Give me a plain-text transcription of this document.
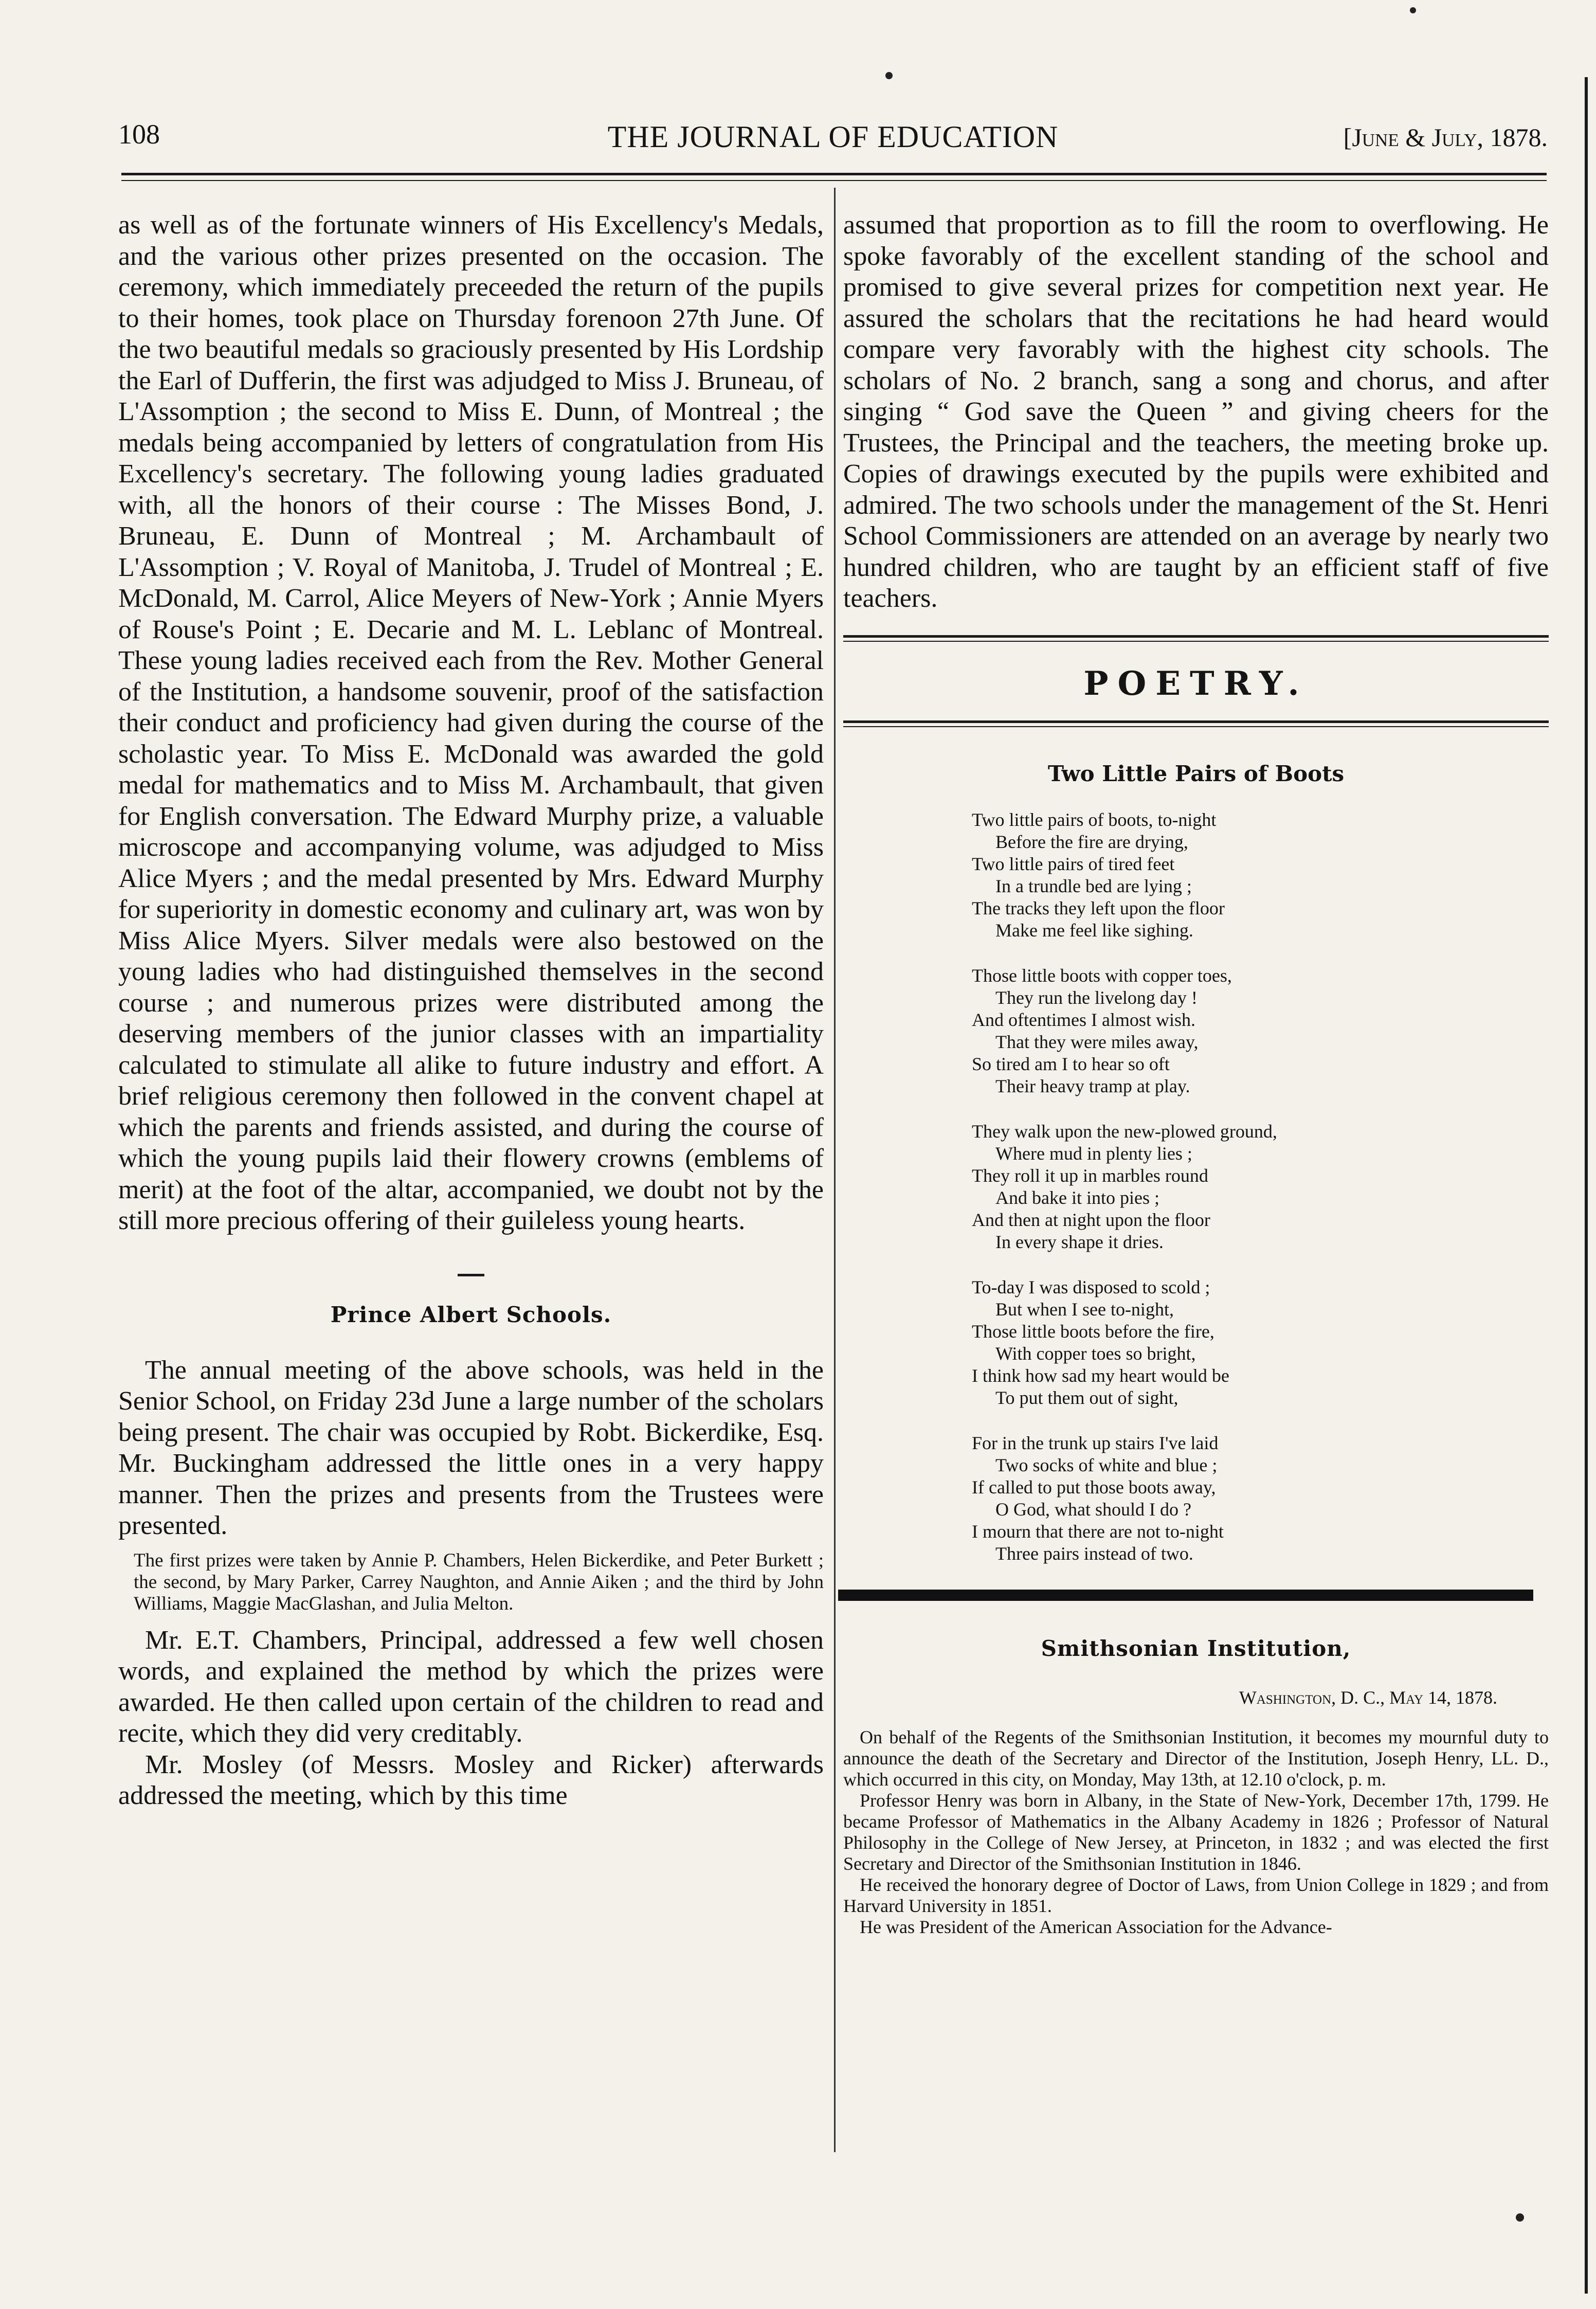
108	THE JOURNAL OF EDUCATION	[June & July, 1878.

as well as of the fortunate winners of His Excellency's Medals, and the various other prizes presented on the occasion. The ceremony, which immediately preceeded the return of the pupils to their homes, took place on Thursday forenoon 27th June. Of the two beautiful medals so graciously presented by His Lordship the Earl of Dufferin, the first was adjudged to Miss J. Bruneau, of L'Assomption ; the second to Miss E. Dunn, of Montreal ; the medals being accompanied by letters of congratulation from His Excellency's secretary. The following young ladies graduated with, all the honors of their course : The Misses Bond, J. Bruneau, E. Dunn of Montreal ; M. Archambault of L'Assomption ; V. Royal of Manitoba, J. Trudel of Montreal ; E. McDonald, M. Carrol, Alice Meyers of New-York ; Annie Myers of Rouse's Point ; E. Decarie and M. L. Leblanc of Montreal. These young ladies received each from the Rev. Mother General of the Institution, a handsome souvenir, proof of the satisfaction their conduct and proficiency had given during the course of the scholastic year. To Miss E. McDonald was awarded the gold medal for mathematics and to Miss M. Archambault, that given for English conversation. The Edward Murphy prize, a valuable microscope and accompanying volume, was adjudged to Miss Alice Myers ; and the medal presented by Mrs. Edward Murphy for superiority in domestic economy and culinary art, was won by Miss Alice Myers. Silver medals were also bestowed on the young ladies who had distinguished themselves in the second course ; and numerous prizes were distributed among the deserving members of the junior classes with an impartiality calculated to stimulate all alike to future industry and effort. A brief religious ceremony then followed in the convent chapel at which the parents and friends assisted, and during the course of which the young pupils laid their flowery crowns (emblems of merit) at the foot of the altar, accompanied, we doubt not by the still more precious offering of their guileless young hearts.

Prince Albert Schools.

The annual meeting of the above schools, was held in the Senior School, on Friday 23d June a large number of the scholars being present. The chair was occupied by Robt. Bickerdike, Esq. Mr. Buckingham addressed the little ones in a very happy manner. Then the prizes and presents from the Trustees were presented.

The first prizes were taken by Annie P. Chambers, Helen Bickerdike, and Peter Burkett ; the second, by Mary Parker, Carrey Naughton, and Annie Aiken ; and the third by John Williams, Maggie MacGlashan, and Julia Melton.

Mr. E.T. Chambers, Principal, addressed a few well chosen words, and explained the method by which the prizes were awarded. He then called upon certain of the children to read and recite, which they did very creditably.

Mr. Mosley (of Messrs. Mosley and Ricker) afterwards addressed the meeting, which by this time

assumed that proportion as to fill the room to overflowing. He spoke favorably of the excellent standing of the school and promised to give several prizes for competition next year. He assured the scholars that the recitations he had heard would compare very favorably with the highest city schools. The scholars of No. 2 branch, sang a song and chorus, and after singing “ God save the Queen ” and giving cheers for the Trustees, the Principal and the teachers, the meeting broke up. Copies of drawings executed by the pupils were exhibited and admired. The two schools under the management of the St. Henri School Commissioners are attended on an average by nearly two hundred children, who are taught by an efficient staff of five teachers.

POETRY.
Two Little Pairs of Boots
Two little pairs of boots, to-night
Before the fire are drying,
Two little pairs of tired feet
In a trundle bed are lying ;
The tracks they left upon the floor
Make me feel like sighing.
Those little boots with copper toes,
They run the livelong day !
And oftentimes I almost wish.
That they were miles away,
So tired am I to hear so oft
Their heavy tramp at play.
They walk upon the new-plowed ground,
Where mud in plenty lies ;
They roll it up in marbles round
And bake it into pies ;
And then at night upon the floor
In every shape it dries.
To-day I was disposed to scold ;
But when I see to-night,
Those little boots before the fire,
With copper toes so bright,
I think how sad my heart would be
To put them out of sight,
For in the trunk up stairs I've laid
Two socks of white and blue ;
If called to put those boots away,
O God, what should I do ?
I mourn that there are not to-night
Three pairs instead of two.
Smithsonian Institution,
Washington, D. C., May 14, 1878.

On behalf of the Regents of the Smithsonian Institution, it becomes my mournful duty to announce the death of the Secretary and Director of the Institution, Joseph Henry, LL. D., which occurred in this city, on Monday, May 13th, at 12.10 o'clock, p. m.

Professor Henry was born in Albany, in the State of New-York, December 17th, 1799. He became Professor of Mathematics in the Albany Academy in 1826 ; Professor of Natural Philosophy in the College of New Jersey, at Princeton, in 1832 ; and was elected the first Secretary and Director of the Smithsonian Institution in 1846.

He received the honorary degree of Doctor of Laws, from Union College in 1829 ; and from Harvard University in 1851.

He was President of the American Association for the Advance-
